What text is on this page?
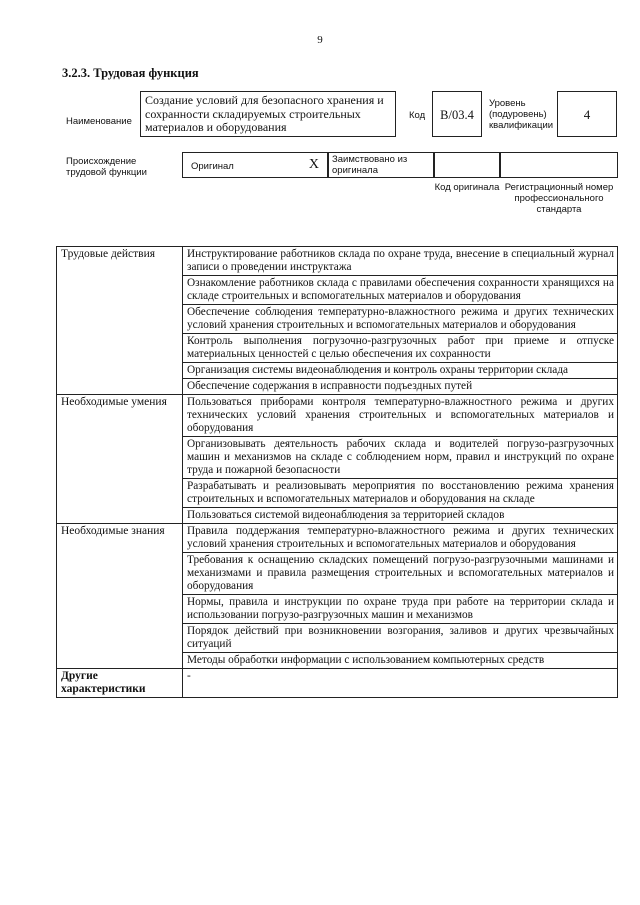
9
3.2.3. Трудовая функция
Наименование
Создание условий для безопасного хранения и сохранности складируемых строительных материалов и оборудования
Код	В/03.4
Уровень (подуровень) квалификации
4
Происхождение трудовой функции
Оригинал	X	Заимствовано из оригинала
Код оригинала Регистрационный номер профессионального стандарта
Трудовые действия	Инструктирование работников склада по охране труда, внесение в специальный журнал записи о проведении инструктажа
	Ознакомление работников склада с правилами обеспечения сохранности хранящихся на складе строительных и вспомогательных материалов и оборудования
	Обеспечение соблюдения температурно-влажностного режима и других технических условий хранения строительных и вспомогательных материалов и оборудования
	Контроль выполнения погрузочно-разгрузочных работ при приеме и отпуске материальных ценностей с целью обеспечения их сохранности
	Организация системы видеонаблюдения и контроль охраны территории склада
	Обеспечение содержания в исправности подъездных путей
Необходимые умения	Пользоваться приборами контроля температурно-влажностного режима и других технических условий хранения строительных и вспомогательных материалов и оборудования
	Организовывать деятельность рабочих склада и водителей погрузо-разгрузочных машин и механизмов на складе с соблюдением норм, правил и инструкций по охране труда и пожарной безопасности
	Разрабатывать и реализовывать мероприятия по восстановлению режима хранения строительных и вспомогательных материалов и оборудования на складе
	Пользоваться системой видеонаблюдения за территорией складов
Необходимые знания	Правила поддержания температурно-влажностного режима и других технических условий хранения строительных и вспомогательных материалов и оборудования
	Требования к оснащению складских помещений погрузо-разгрузочными машинами и механизмами и правила размещения строительных и вспомогательных материалов и оборудования
	Нормы, правила и инструкции по охране труда при работе на территории склада и использовании погрузо-разгрузочных машин и механизмов
	Порядок действий при возникновении возгорания, заливов и других чрезвычайных ситуаций
	Методы обработки информации с использованием компьютерных средств
Другие характеристики	-
